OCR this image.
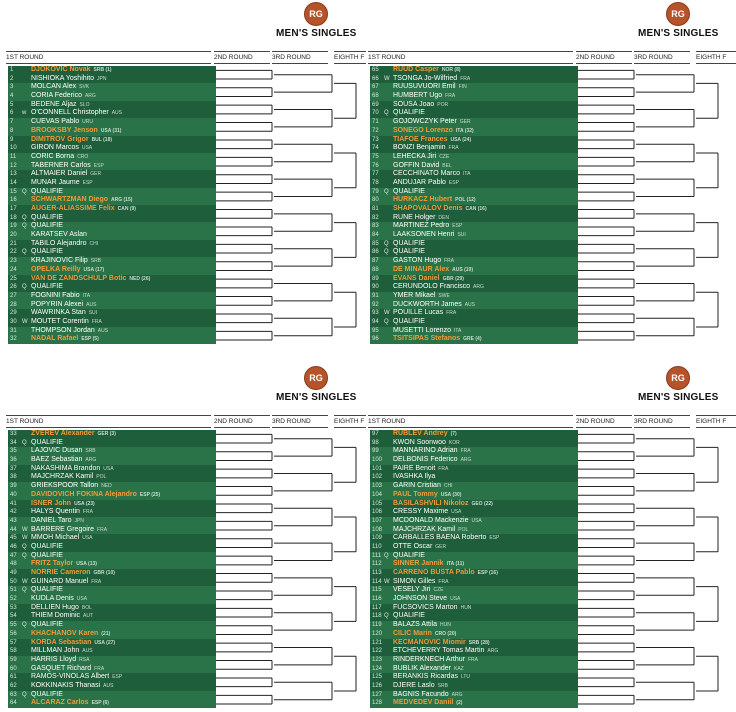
RG
MEN'S SINGLES
1ST ROUND	2ND ROUND	3RD ROUND	EIGHTH F
1	DJOKOVIC Novak SRB (1)
2	NISHIOKA Yoshihito JPN
3	MOLCAN Alex SVK
4	CORIA Federico ARG
5	BEDENE Aljaz SLO
6	w O'CONNELL Christopher AUS
7	CUEVAS Pablo URU
8	BROOKSBY Jenson USA (31)
9	DIMITROV Grigor BUL (18)
10	GIRON Marcos USA
11	CORIC Borna CRO
12	TABERNER Carlos ESP
13	ALTMAIER Daniel GER
14	MUNAR Jaume ESP
15 Q QUALIFIE
16	SCHWARTZMAN Diego ARG (15)
17	AUGER-ALIASSIME Felix CAN (9)
18 Q QUALIFIE
19 Q QUALIFIE
20	KARATSEV Aslan
21	TABILO Alejandro CHI
22 Q QUALIFIE
23	KRAJINOVIC Filip SRB
24	OPELKA Reilly USA (17)
25	VAN DE ZANDSCHULP Botic NED (26)
26 Q QUALIFIE
27	FOGNINI Fabio ITA
28	POPYRIN Alexei AUS
29	WAWRINKA Stan SUI
30 W MOUTET Corentin FRA
31	THOMPSON Jordan AUS
32	NADAL Rafael ESP (5)
RG
MEN'S SINGLES
1ST ROUND	2ND ROUND	3RD ROUND	EIGHTH F
65	RUUD Casper NOR (8)
66 W TSONGA Jo-Wilfried FRA
67	RUUSUVUORI Emil FIN
68	HUMBERT Ugo FRA
69	SOUSA Joao POR
70 Q QUALIFIE
71	GOJOWCZYK Peter GER
72	SONEGO Lorenzo ITA (32)
73	TIAFOE Frances USA (24)
74	BONZI Benjamin FRA
75	LEHECKA Jiri CZE
76	GOFFIN David BEL
77	CECCHINATO Marco ITA
78	ANDUJAR Pablo ESP
79 Q QUALIFIE
80	HURKACZ Hubert POL (12)
81	SHAPOVALOV Denis CAN (16)
82	RUNE Holger DEN
83	MARTINEZ Pedro ESP
84	LAAKSONEN Henri SUI
85 Q QUALIFIE
86 Q QUALIFIE
87	GASTON Hugo FRA
88	DE MINAUR Alex AUS (19)
89	EVANS Daniel GBR (29)
90	CERUNDOLO Francisco ARG
91	YMER Mikael SWE
92	DUCKWORTH James AUS
93 W POUILLE Lucas FRA
94 Q QUALIFIE
95	MUSETTI Lorenzo ITA
96	TSITSIPAS Stefanos GRE (4)
RG
MEN'S SINGLES
1ST ROUND	2ND ROUND	3RD ROUND	EIGHTH F
33	ZVEREV Alexander GER (3)
34 Q QUALIFIE
35	LAJOVIC Dusan SRB
36	BAEZ Sebastian ARG
37	NAKASHIMA Brandon USA
38	MAJCHRZAK Kamil POL
39	GRIEKSPOOR Tallon NED
40	DAVIDOVICH FOKINA Alejandro ESP (25)
41	ISNER John USA (23)
42	HALYS Quentin FRA
43	DANIEL Taro JPN
44 W BARRERE Gregoire FRA
45 W MMOH Michael USA
46 Q QUALIFIE
47 Q QUALIFIE
48	FRITZ Taylor USA (13)
49	NORRIE Cameron GBR (10)
50 W GUINARD Manuel FRA
51 Q QUALIFIE
52	KUDLA Denis USA
53	DELLIEN Hugo BOL
54	THIEM Dominic AUT
55 Q QUALIFIE
56	KHACHANOV Karen (21)
57	KORDA Sebastian USA (27)
58	MILLMAN John AUS
59	HARRIS Lloyd RSA
60	GASQUET Richard FRA
61	RAMOS-VINOLAS Albert ESP
62	KOKKINAKIS Thanasi AUS
63 Q QUALIFIE
64	ALCARAZ Carlos ESP (6)
RG
MEN'S SINGLES
1ST ROUND	2ND ROUND	3RD ROUND	EIGHTH F
97	RUBLEV Andrey (7)
98	KWON Soonwoo KOR
99	MANNARINO Adrian FRA
100	DELBONIS Federico ARG
101	PAIRE Benoit FRA
102	IVASHKA Ilya
103	GARIN Cristian CHI
104	PAUL Tommy USA (30)
105	BASILASHVILI Nikoloz GEO (22)
106	CRESSY Maxime USA
107	MCDONALD Mackenzie USA
108	MAJCHRZAK Kamil POL
109	CARBALLES BAENA Roberto ESP
110	OTTE Oscar GER
111 Q QUALIFIE
112	SINNER Jannik ITA (11)
113	CARRENO BUSTA Pablo ESP (16)
114 W SIMON Gilles FRA
115	VESELY Jiri CZE
116	JOHNSON Steve USA
117	FUCSOVICS Marton HUN
118 Q QUALIFIE
119	BALAZS Attila HUN
120	CILIC Marin CRO (20)
121	KECMANOVIC Miomir SRB (28)
122	ETCHEVERRY Tomas Martin ARG
123	RINDERKNECH Arthur FRA
124	BUBLIK Alexander KAZ
125	BERANKIS Ricardas LTU
126	DJERE Laslo SRB
127	BAGNIS Facundo ARG
128	MEDVEDEV Daniil (2)
